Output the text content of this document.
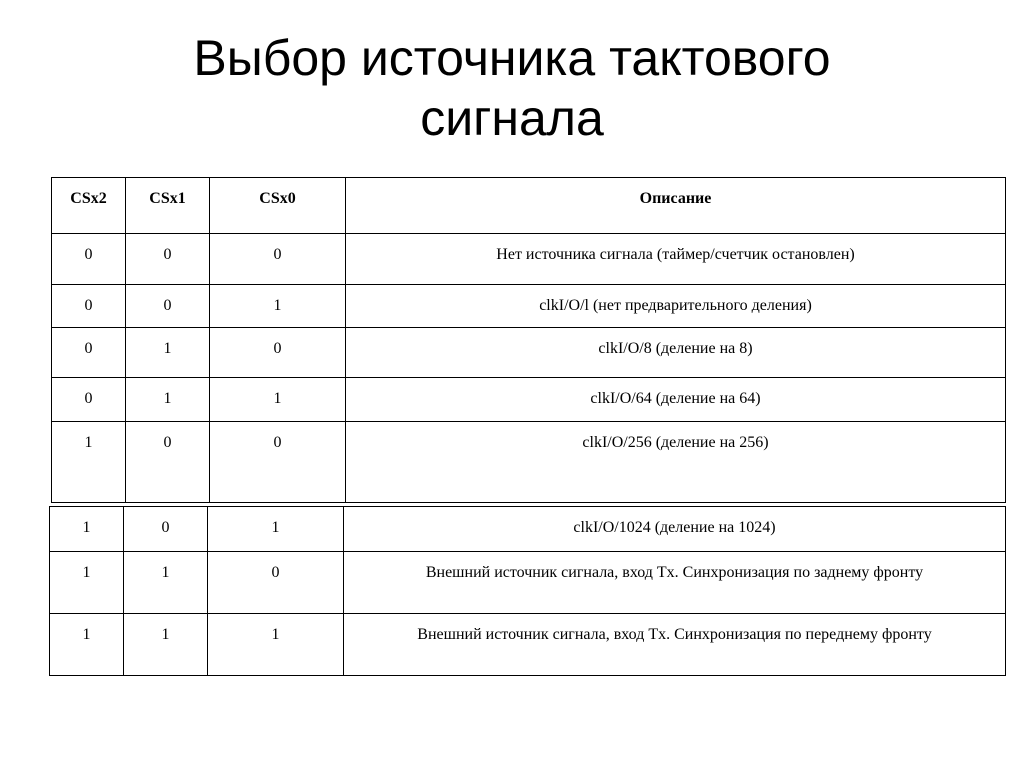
Выбор источника тактового
сигнала
CSx2	CSx1	CSx0	Описание

0	0	0	Нет источника сигнала (таймер/счетчик остановлен)

0	0	1	clkI/O/l (нет предварительного деления)

0	1	0	clkI/O/8 (деление на 8)

0	1	1	clkI/O/64 (деление на 64)

1	0	0	clkI/O/256 (деление на 256)
1	0	1	clkI/O/1024 (деление на 1024)

1	1	0	Внешний источник сигнала, вход Tx. Синхронизация по заднему фронту

1	1	1	Внешний источник сигнала, вход Tx. Синхронизация по переднему фронту
